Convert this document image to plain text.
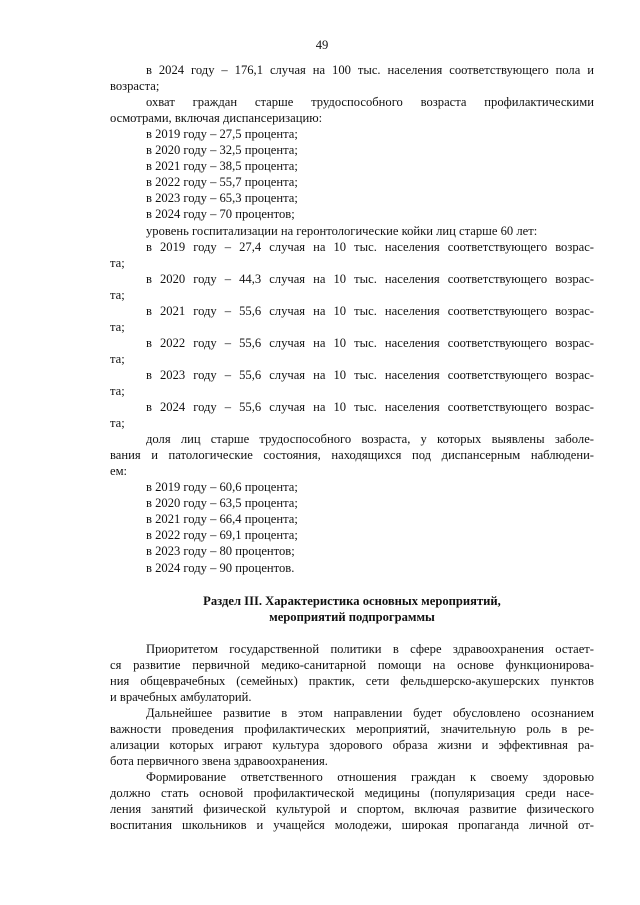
49

в 2024 году – 176,1 случая на 100 тыс. населения соответствующего пола и

возраста;

охват граждан старше трудоспособного возраста профилактическими

осмотрами, включая диспансеризацию:

в 2019 году – 27,5 процента;

в 2020 году – 32,5 процента;

в 2021 году – 38,5 процента;

в 2022 году – 55,7 процента;

в 2023 году – 65,3 процента;

в 2024 году – 70 процентов;

уровень госпитализации на геронтологические койки лиц старше 60 лет:

в 2019 году – 27,4 случая на 10 тыс. населения соответствующего возрас-

та;

в 2020 году – 44,3 случая на 10 тыс. населения соответствующего возрас-

та;

в 2021 году – 55,6 случая на 10 тыс. населения соответствующего возрас-

та;

в 2022 году – 55,6 случая на 10 тыс. населения соответствующего возрас-

та;

в 2023 году – 55,6 случая на 10 тыс. населения соответствующего возрас-

та;

в 2024 году – 55,6 случая на 10 тыс. населения соответствующего возрас-

та;

доля лиц старше трудоспособного возраста, у которых выявлены заболе-

вания и патологические состояния, находящихся под диспансерным наблюдени-

ем:

в 2019 году – 60,6 процента;

в 2020 году – 63,5 процента;

в 2021 году – 66,4 процента;

в 2022 году – 69,1 процента;

в 2023 году – 80 процентов;

в 2024 году – 90 процентов.

Раздел III. Характеристика основных мероприятий,

мероприятий подпрограммы

Приоритетом государственной политики в сфере здравоохранения остает-

ся развитие первичной медико-санитарной помощи на основе функционирова-

ния общеврачебных (семейных) практик, сети фельдшерско-акушерских пунктов

и врачебных амбулаторий.

Дальнейшее развитие в этом направлении будет обусловлено осознанием

важности проведения профилактических мероприятий, значительную роль в ре-

ализации которых играют культура здорового образа жизни и эффективная ра-

бота первичного звена здравоохранения.

Формирование ответственного отношения граждан к своему здоровью

должно стать основой профилактической медицины (популяризация среди насе-

ления занятий физической культурой и спортом, включая развитие физического

воспитания школьников и учащейся молодежи, широкая пропаганда личной от-
